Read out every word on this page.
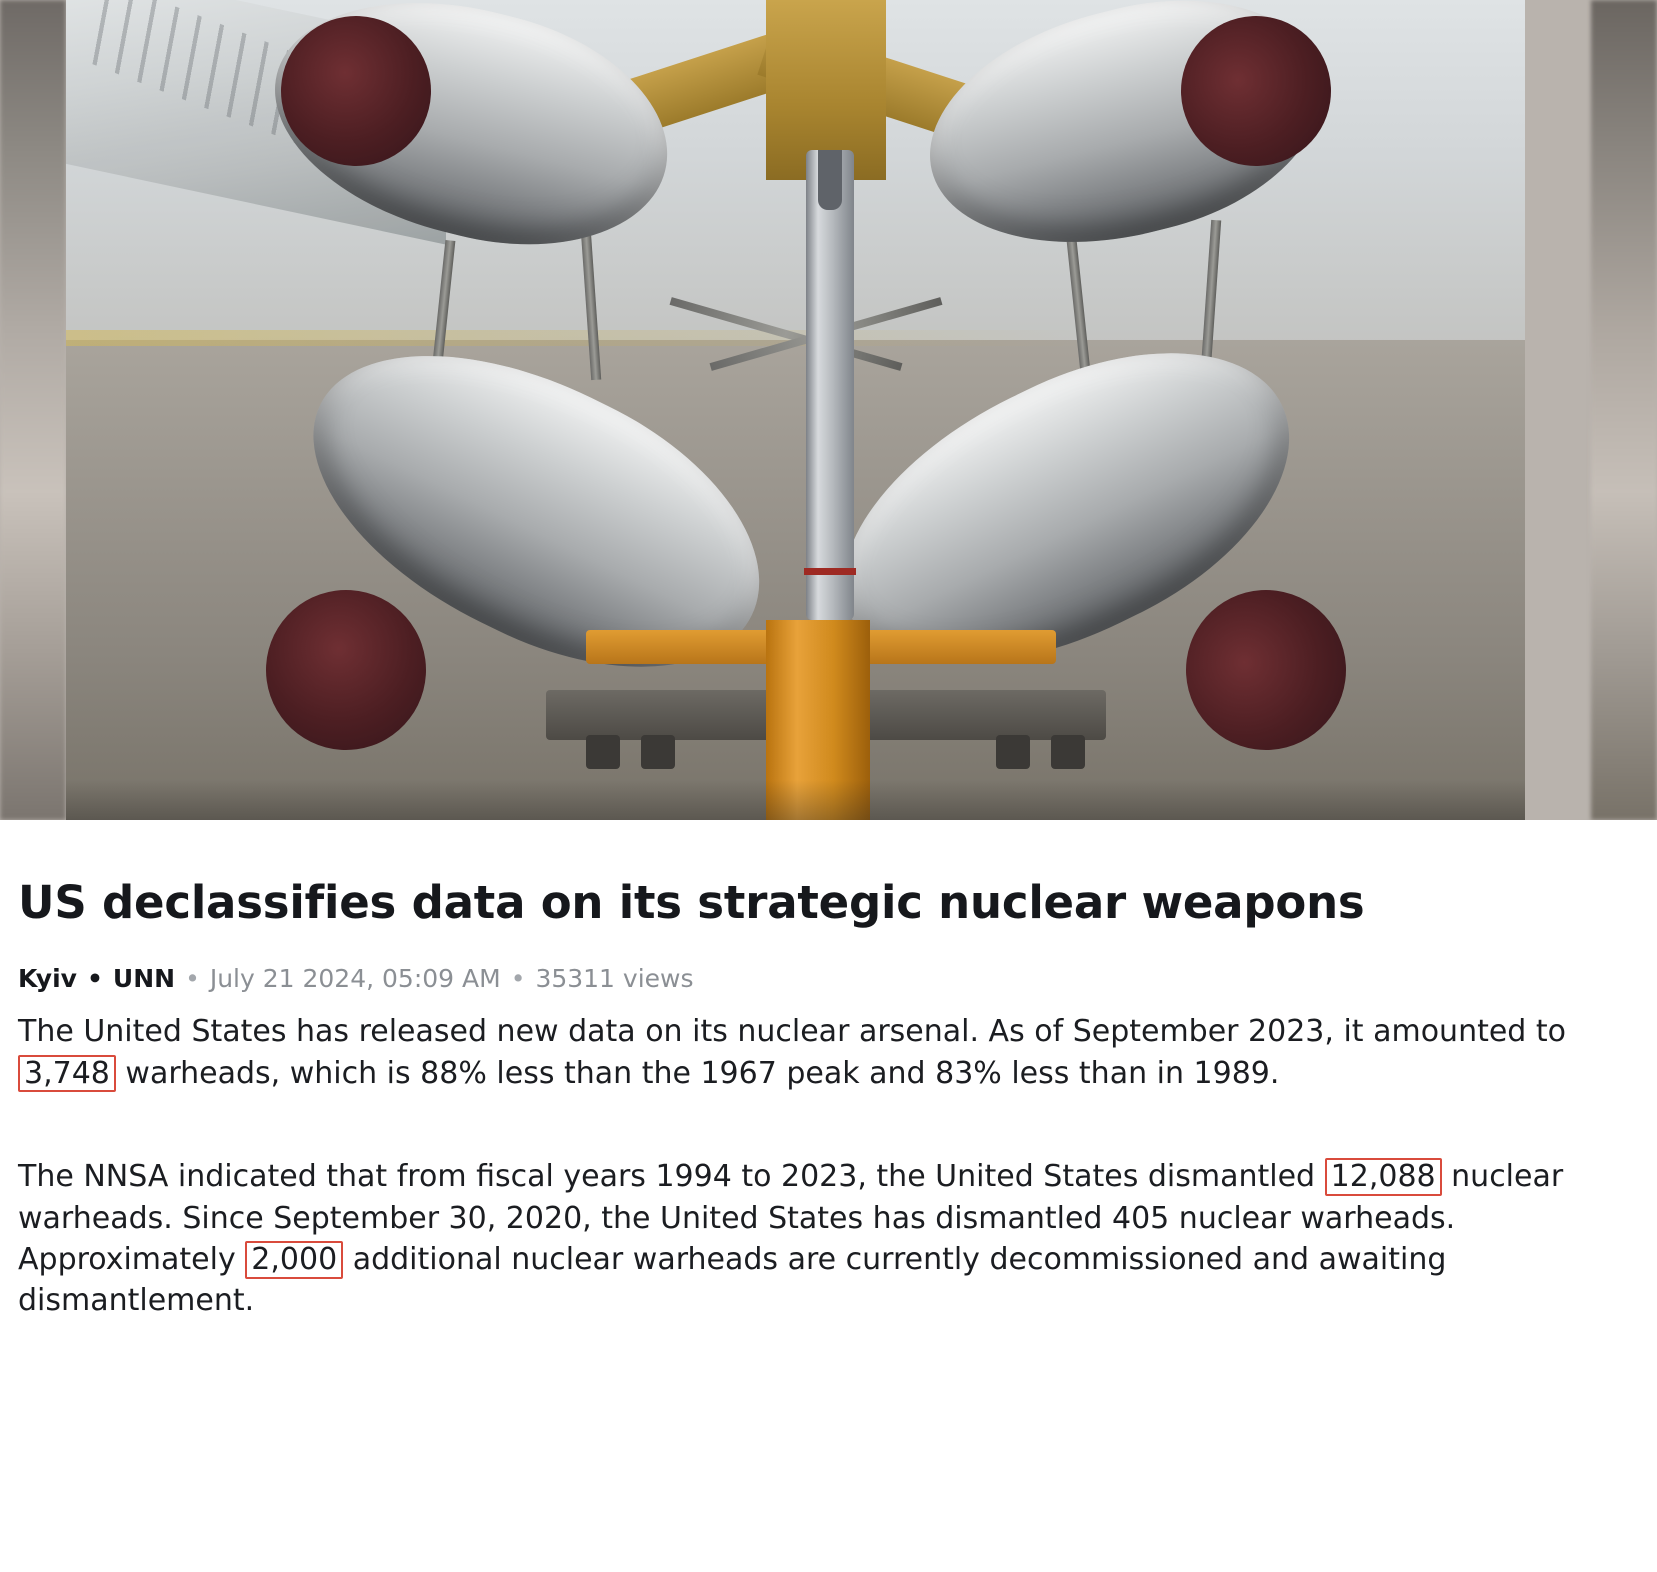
US declassifies data on its strategic nuclear weapons
Kyiv • UNN • July 21 2024, 05:09 AM • 35311 views

The United States has released new data on its nuclear arsenal. As of September 2023, it amounted to 3,748 warheads, which is 88% less than the 1967 peak and 83% less than in 1989.

The NNSA indicated that from fiscal years 1994 to 2023, the United States dismantled 12,088 nuclear warheads. Since September 30, 2020, the United States has dismantled 405 nuclear warheads. Approximately 2,000 additional nuclear warheads are currently decommissioned and awaiting dismantlement.
